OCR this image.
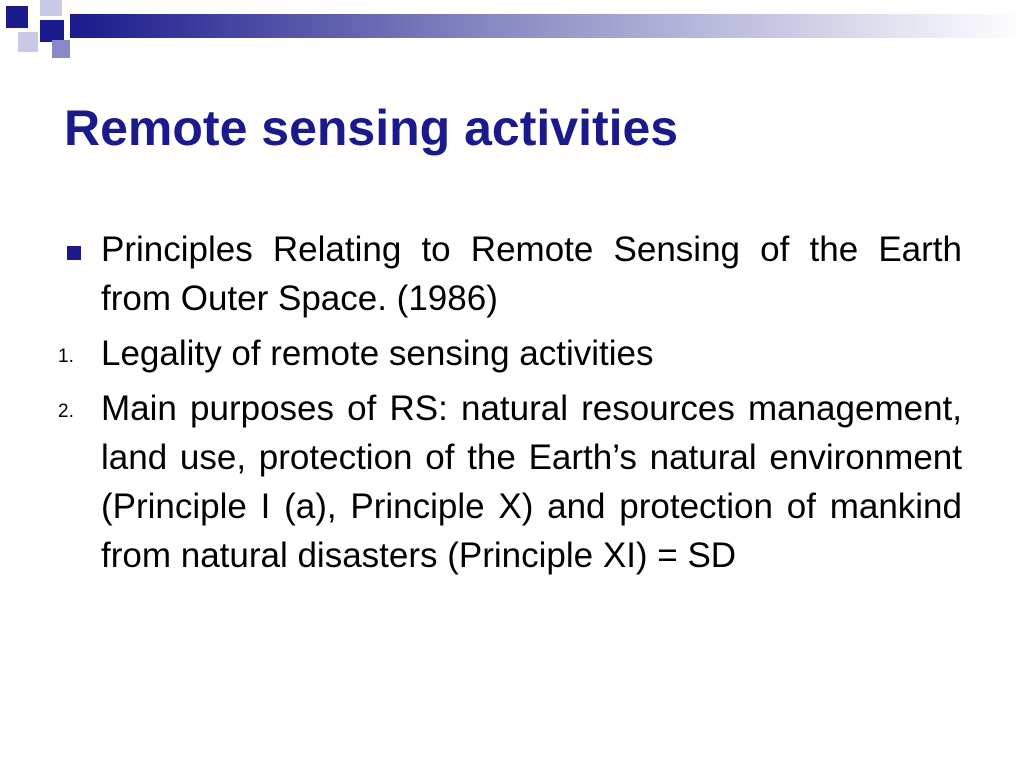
Remote sensing activities
Principles Relating to Remote Sensing of the Earth from Outer Space. (1986)
1. Legality of remote sensing activities
2. Main purposes of RS: natural resources management, land use, protection of the Earth’s natural environment (Principle I (a), Principle X) and protection of mankind from natural disasters (Principle XI) = SD
